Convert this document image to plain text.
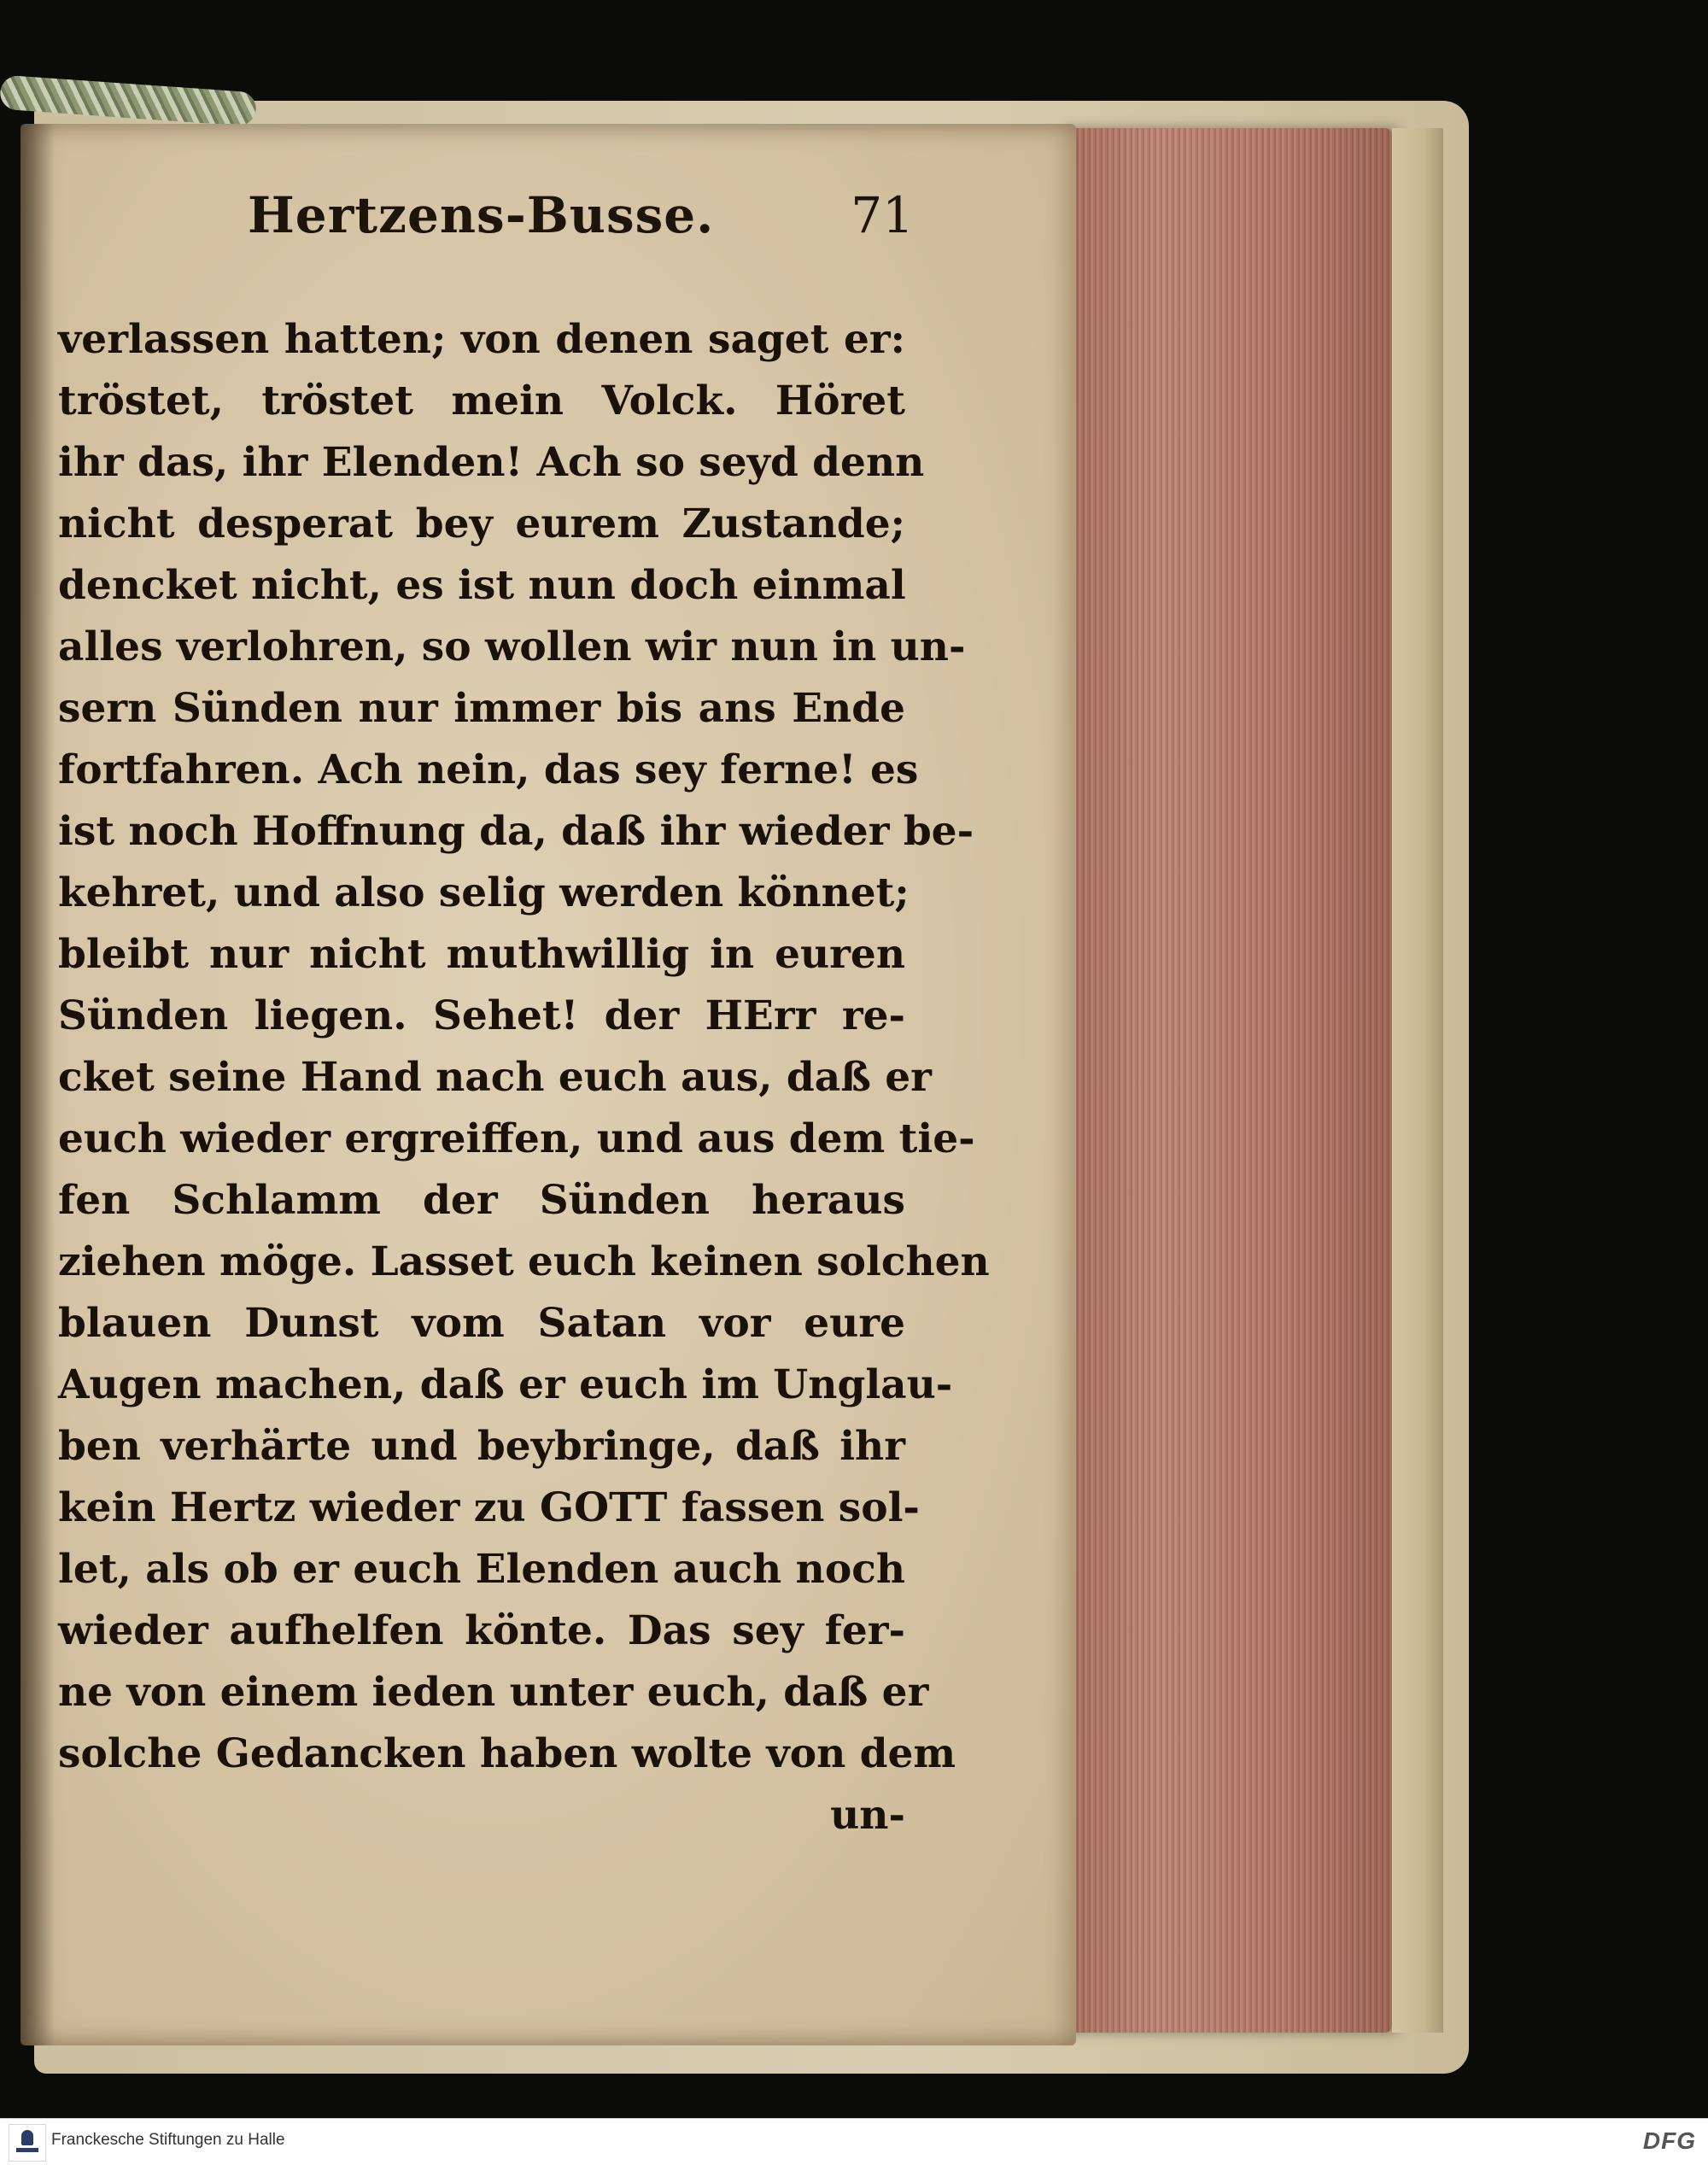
Hertzens-Busse.	71
verlassen hatten; von denen saget er:
tröstet, tröstet mein Volck. Höret
ihr das, ihr Elenden! Ach so seyd denn
nicht desperat bey eurem Zustande;
dencket nicht, es ist nun doch einmal
alles verlohren, so wollen wir nun in un-
sern Sünden nur immer bis ans Ende
fortfahren. Ach nein, das sey ferne! es
ist noch Hoffnung da, daß ihr wieder be-
kehret, und also selig werden könnet;
bleibt nur nicht muthwillig in euren
Sünden liegen. Sehet! der HErr re-
cket seine Hand nach euch aus, daß er
euch wieder ergreiffen, und aus dem tie-
fen Schlamm der Sünden heraus
ziehen möge. Lasset euch keinen solchen
blauen Dunst vom Satan vor eure
Augen machen, daß er euch im Unglau-
ben verhärte und beybringe, daß ihr
kein Hertz wieder zu GOTT fassen sol-
let, als ob er euch Elenden auch noch
wieder aufhelfen könte. Das sey fer-
ne von einem ieden unter euch, daß er
solche Gedancken haben wolte von dem
un-
Franckesche Stiftungen zu Halle	DFG
